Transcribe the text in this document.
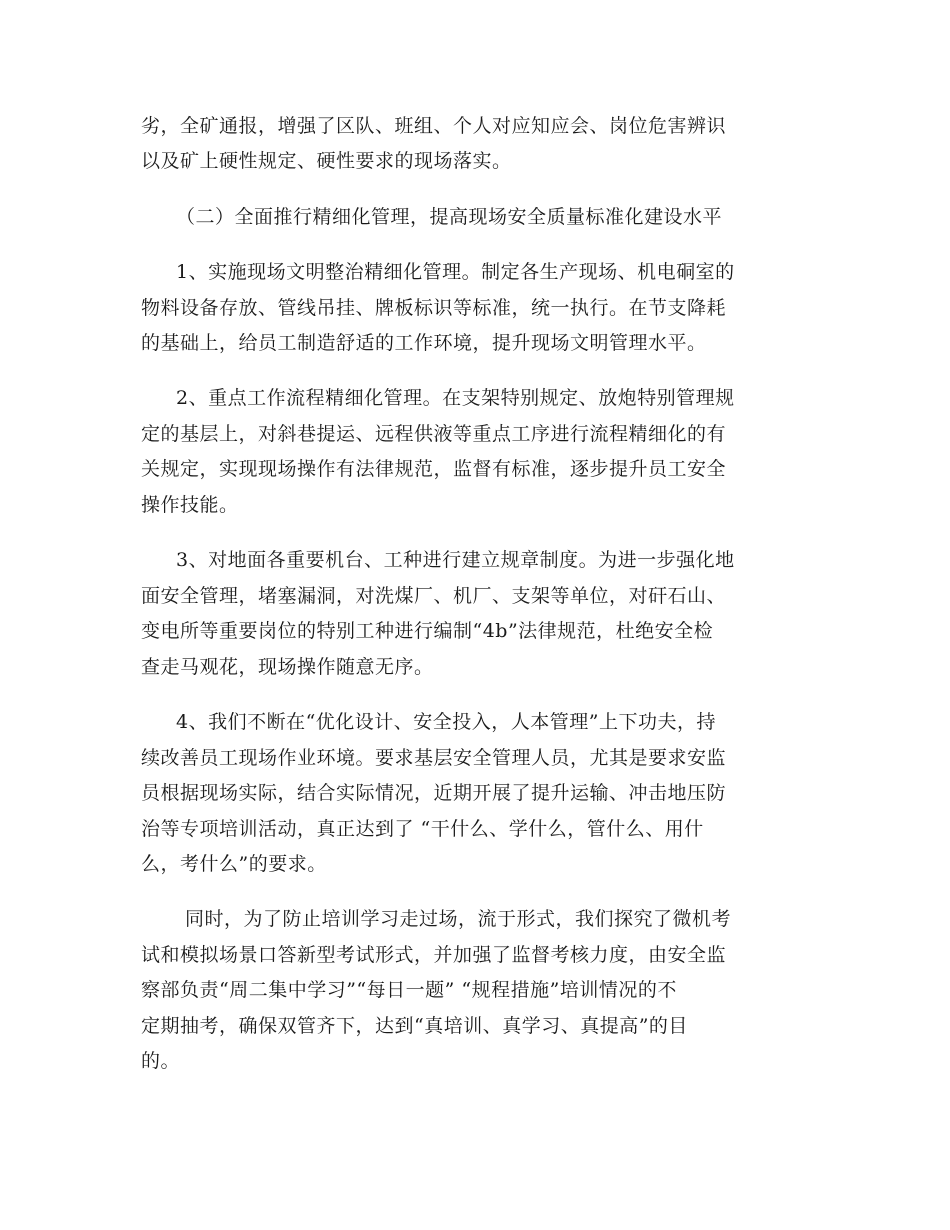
劣，全矿通报，增强了区队、班组、个人对应知应会、岗位危害辨识
以及矿上硬性规定、硬性要求的现场落实。
（二）全面推行精细化管理，提高现场安全质量标准化建设水平
1、实施现场文明整治精细化管理。制定各生产现场、机电硐室的
物料设备存放、管线吊挂、牌板标识等标准，统一执行。在节支降耗
的基础上，给员工制造舒适的工作环境，提升现场文明管理水平。
2、重点工作流程精细化管理。在支架特别规定、放炮特别管理规
定的基层上，对斜巷提运、远程供液等重点工序进行流程精细化的有
关规定，实现现场操作有法律规范，监督有标准，逐步提升员工安全
操作技能。
3、对地面各重要机台、工种进行建立规章制度。为进一步强化地
面安全管理，堵塞漏洞，对洗煤厂、机厂、支架等单位，对矸石山、
变电所等重要岗位的特别工种进行编制“4b”法律规范，杜绝安全检
查走马观花，现场操作随意无序。
4、我们不断在“优化设计、安全投入，人本管理”上下功夫，持
续改善员工现场作业环境。要求基层安全管理人员，尤其是要求安监
员根据现场实际，结合实际情况，近期开展了提升运输、冲击地压防
治等专项培训活动，真正达到了 “干什么、学什么，管什么、用什
么，考什么”的要求。
同时，为了防止培训学习走过场，流于形式，我们探究了微机考
试和模拟场景口答新型考试形式，并加强了监督考核力度，由安全监
察部负责“周二集中学习”“每日一题” “规程措施”培训情况的不
定期抽考，确保双管齐下，达到“真培训、真学习、真提高”的目
的。
